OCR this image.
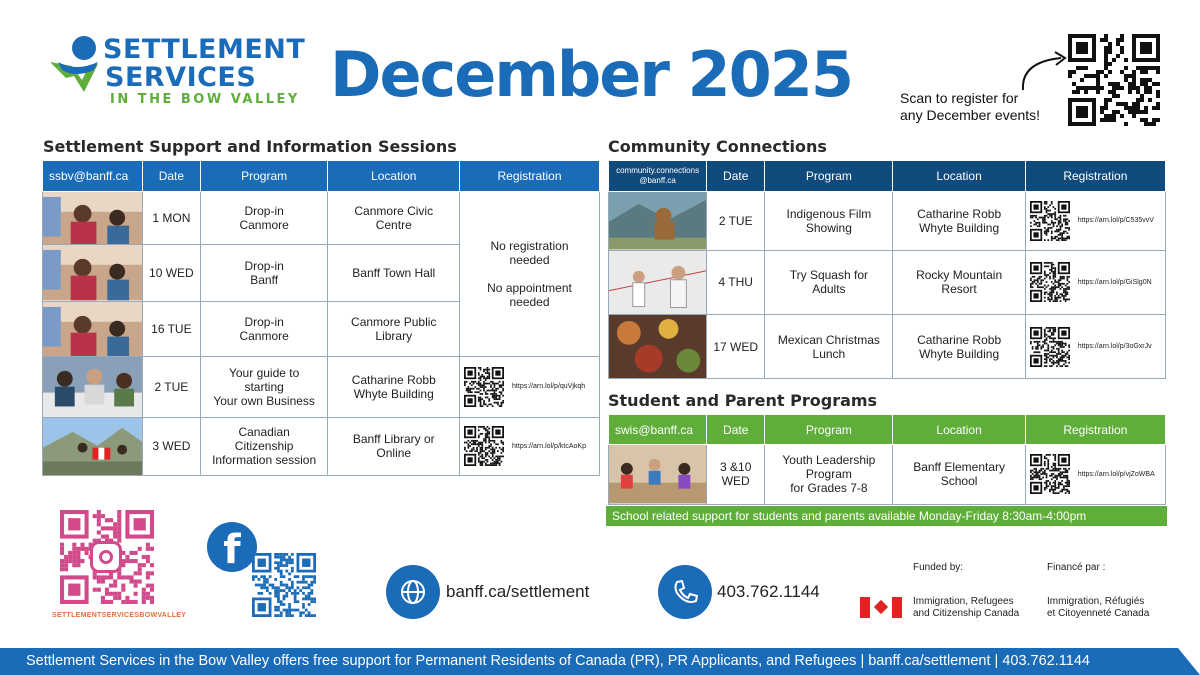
SETTLEMENT
SERVICES
IN THE BOW VALLEY December 2025	Scan to register for
any December events!
Settlement Support and Information Sessions
ssbv@banff.ca	Date	Program	Location	Registration

	1 MON	Drop-in
Canmore	Canmore Civic
Centre	No registration
needed

No appointment
needed

	10 WED	Drop-in
Banff	Banff Town Hall	

	16 TUE	Drop-in
Canmore	Canmore Public
Library	

	2 TUE	Your guide to
starting
Your own Business	Catharine Robb
Whyte Building	https://arn.lol/p/quVjkqh

	3 WED	Canadian
Citizenship
Information session	Banff Library or
Online	https://arn.lol/p/ktcAoKp
Community Connections
community.connections
@banff.ca	Date	Program	Location	Registration

	2 TUE	Indigenous Film
Showing	Catharine Robb
Whyte Building	https://arn.lol/p/C535vvV

	4 THU	Try Squash for
Adults	Rocky Mountain
Resort	https://arn.lol/p/GiSlg0N

	17 WED	Mexican Christmas
Lunch	Catharine Robb
Whyte Building	https://arn.lol/p/3oGxrJv
Student and Parent Programs
swis@banff.ca	Date	Program	Location	Registration

	3 &10
WED	Youth Leadership
Program
for Grades 7-8	Banff Elementary
School	https://arn.lol/p/vjZoWBA
School related support for students and parents available Monday-Friday 8:30am-4:00pm
SETTLEMENTSERVICESBOWVALLEY
f
banff.ca/settlement	403.762.1144
Funded by:	Financé par :
Immigration, Refugees
and Citizenship Canada
Immigration, Réfugiés
et Citoyenneté Canada
Settlement Services in the Bow Valley offers free support for Permanent Residents of Canada (PR), PR Applicants, and Refugees | banff.ca/settlement | 403.762.1144
